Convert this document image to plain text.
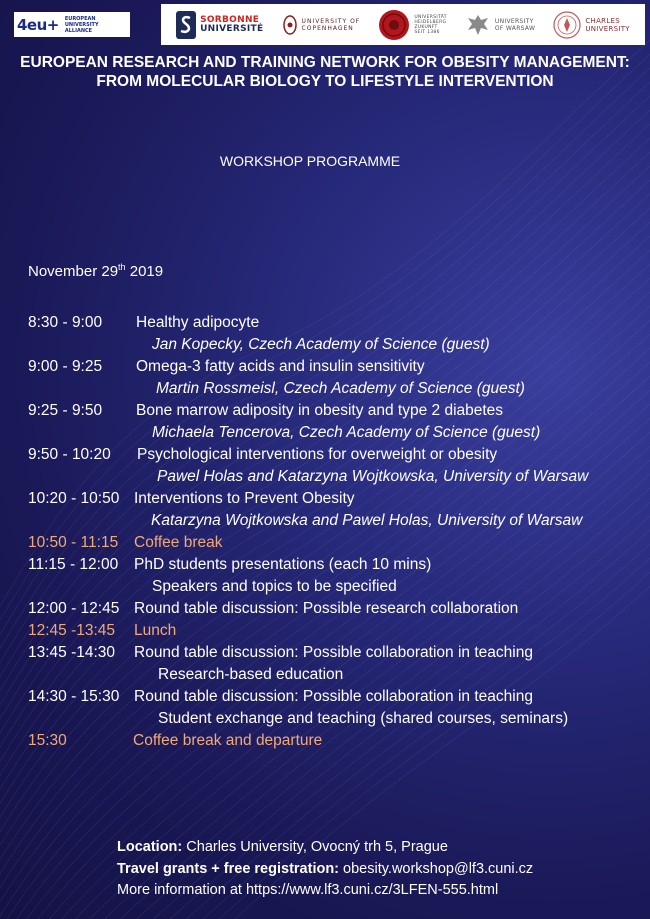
4eu+ EUROPEAN
UNIVERSITY
ALLIANCE
SORBONNE
UNIVERSITÉ
UNIVERSITY OF
COPENHAGEN
UNIVERSITÄT
HEIDELBERG
ZUKUNFT
SEIT 1386
UNIVERSITY
OF WARSAW
CHARLES
UNIVERSITY
EUROPEAN RESEARCH AND TRAINING NETWORK FOR OBESITY MANAGEMENT:
FROM MOLECULAR BIOLOGY TO LIFESTYLE INTERVENTION
WORKSHOP PROGRAMME
November 29th 2019
8:30 - 9:00 Healthy adipocyte
Jan Kopecky, Czech Academy of Science (guest)
9:00 - 9:25 Omega-3 fatty acids and insulin sensitivity
Martin Rossmeisl, Czech Academy of Science (guest)
9:25 - 9:50 Bone marrow adiposity in obesity and type 2 diabetes
Michaela Tencerova, Czech Academy of Science (guest)
9:50 - 10:20 Psychological interventions for overweight or obesity
Pawel Holas and Katarzyna Wojtkowska, University of Warsaw
10:20 - 10:50 Interventions to Prevent Obesity
Katarzyna Wojtkowska and Pawel Holas, University of Warsaw
10:50 - 11:15 Coffee break
11:15 - 12:00 PhD students presentations (each 10 mins)
Speakers and topics to be specified
12:00 - 12:45 Round table discussion: Possible research collaboration
12:45 -13:45 Lunch
13:45 -14:30 Round table discussion: Possible collaboration in teaching
Research-based education
14:30 - 15:30 Round table discussion: Possible collaboration in teaching
Student exchange and teaching (shared courses, seminars)
15:30	Coffee break and departure
Location: Charles University, Ovocný trh 5, Prague
Travel grants + free registration: obesity.workshop@lf3.cuni.cz
More information at https://www.lf3.cuni.cz/3LFEN-555.html
